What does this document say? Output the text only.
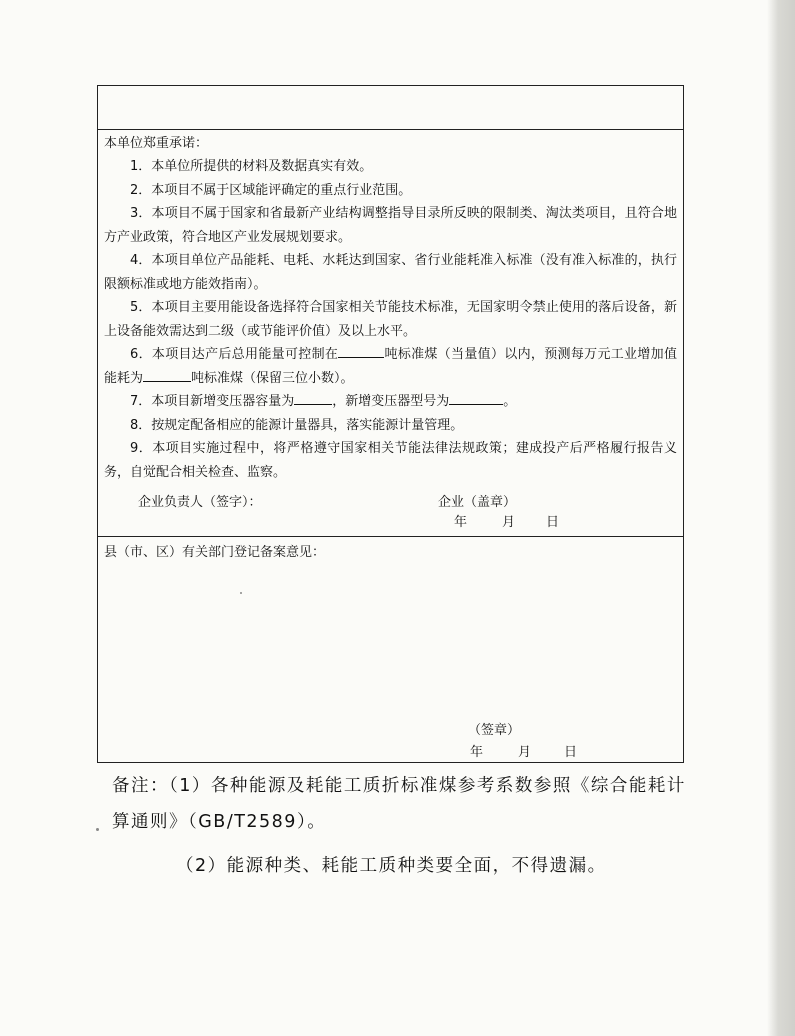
本单位郑重承诺：

1．本单位所提供的材料及数据真实有效。

2．本项目不属于区域能评确定的重点行业范围。

3．本项目不属于国家和省最新产业结构调整指导目录所反映的限制类、淘汰类项目，且符合地方产业政策，符合地区产业发展规划要求。

4．本项目单位产品能耗、电耗、水耗达到国家、省行业能耗准入标准（没有准入标准的，执行限额标准或地方能效指南）。

5．本项目主要用能设备选择符合国家相关节能技术标准，无国家明令禁止使用的落后设备，新上设备能效需达到二级（或节能评价值）及以上水平。

6．本项目达产后总用能量可控制在	吨标准煤（当量值）以内，预测每万元工业增加值能耗为	吨标准煤（保留三位小数）。

7．本项目新增变压器容量为	，新增变压器型号为	。

8．按规定配备相应的能源计量器具，落实能源计量管理。

9．本项目实施过程中，将严格遵守国家相关节能法律法规政策；建成投产后严格履行报告义务，自觉配合相关检查、监察。

企业负责人（签字）：	企业（盖章）
年	月 日
县（市、区）有关部门登记备案意见：
（签章）
年	月	日

备注：（1）各种能源及耗能工质折标准煤参考系数参照《综合能耗计算通则》（GB/T2589）。

（2）能源种类、耗能工质种类要全面，不得遗漏。
